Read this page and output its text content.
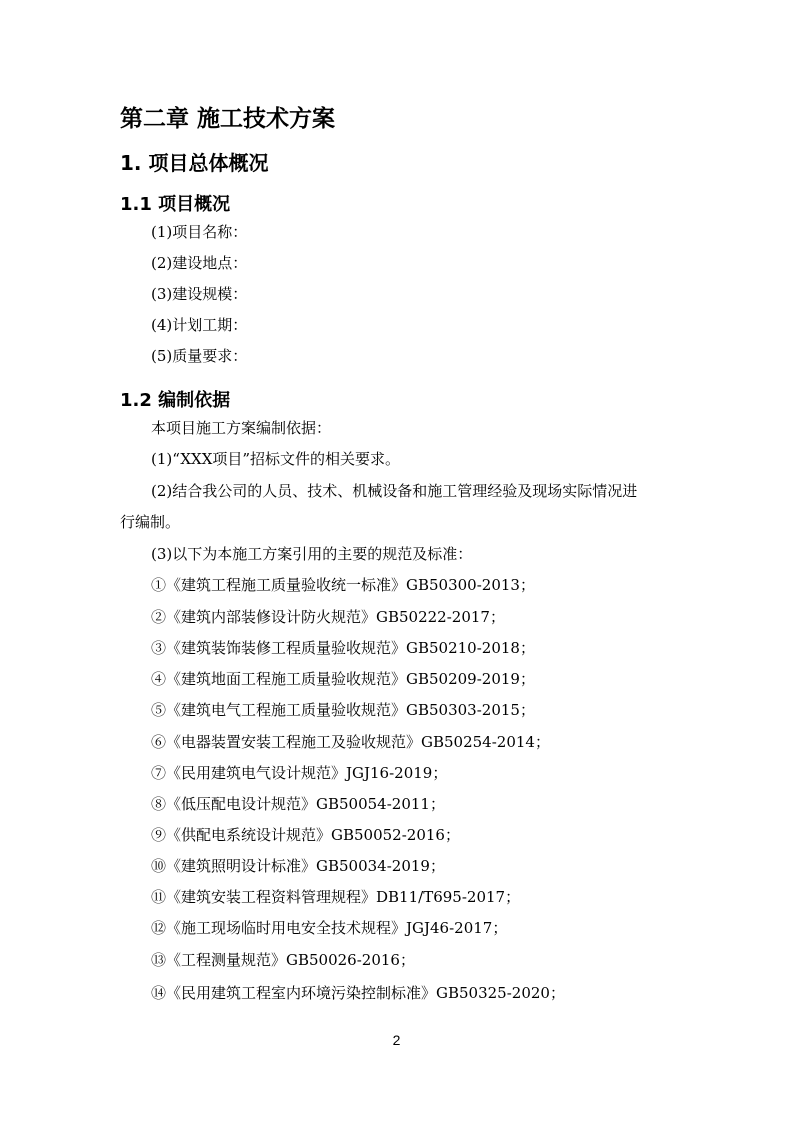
第二章 施工技术方案
1. 项目总体概况
1.1 项目概况
(1)项目名称：
(2)建设地点：
(3)建设规模：
(4)计划工期：
(5)质量要求：
1.2 编制依据
本项目施工方案编制依据：
(1)“XXX项目”招标文件的相关要求。
(2)结合我公司的人员、技术、机械设备和施工管理经验及现场实际情况进
行编制。
(3)以下为本施工方案引用的主要的规范及标准：
①《建筑工程施工质量验收统一标准》GB50300-2013；
②《建筑内部装修设计防火规范》GB50222-2017；
③《建筑装饰装修工程质量验收规范》GB50210-2018；
④《建筑地面工程施工质量验收规范》GB50209-2019；
⑤《建筑电气工程施工质量验收规范》GB50303-2015；
⑥《电器装置安装工程施工及验收规范》GB50254-2014；
⑦《民用建筑电气设计规范》JGJ16-2019；
⑧《低压配电设计规范》GB50054-2011；
⑨《供配电系统设计规范》GB50052-2016；
⑩《建筑照明设计标准》GB50034-2019；
⑪《建筑安装工程资料管理规程》DB11/T695-2017；
⑫《施工现场临时用电安全技术规程》JGJ46-2017；
⑬《工程测量规范》GB50026-2016；
⑭《民用建筑工程室内环境污染控制标准》GB50325-2020；
2
